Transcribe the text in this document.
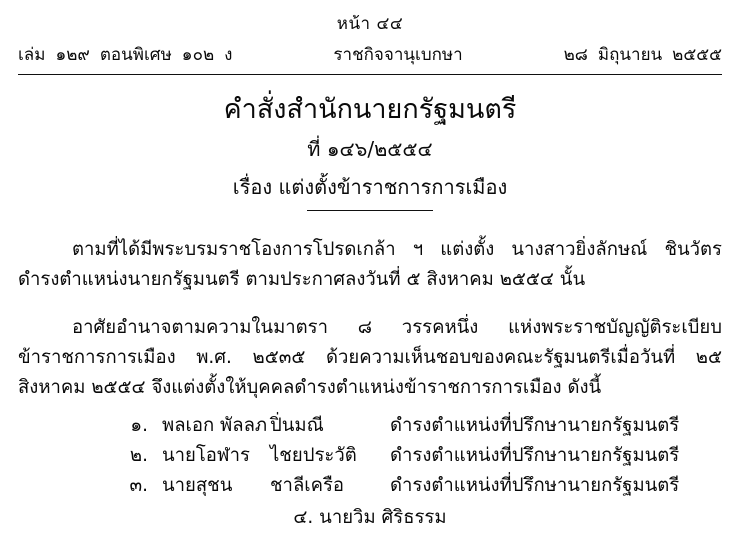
หน้า ๔๔
เล่ม ๑๒๙ ตอนพิเศษ ๑๐๒ ง	ราชกิจจานุเบกษา	๒๘ มิถุนายน ๒๕๕๕
คำสั่งสำนักนายกรัฐมนตรี
ที่ ๑๔๖/๒๕๕๔
เรื่อง แต่งตั้งข้าราชการการเมือง

ตามที่ได้มีพระบรมราชโองการโปรดเกล้า ฯ แต่งตั้ง นางสาวยิ่งลักษณ์ ชินวัตร ดำรงตำแหน่งนายกรัฐมนตรี ตามประกาศลงวันที่ ๕ สิงหาคม ๒๕๕๔ นั้น

อาศัยอำนาจตามความในมาตรา ๘ วรรคหนึ่ง แห่งพระราชบัญญัติระเบียบข้าราชการการเมือง พ.ศ. ๒๕๓๕ ด้วยความเห็นชอบของคณะรัฐมนตรีเมื่อวันที่ ๒๕ สิงหาคม ๒๕๕๔ จึงแต่งตั้งให้บุคคลดำรงตำแหน่งข้าราชการการเมือง ดังนี้

๑. พลเอก พัลลภ ปิ่นมณี	ดำรงตำแหน่งที่ปรึกษานายกรัฐมนตรี
๒. นายโอฬาร	ไชยประวัติ	ดำรงตำแหน่งที่ปรึกษานายกรัฐมนตรี
๓. นายสุชน	ชาลีเครือ	ดำรงตำแหน่งที่ปรึกษานายกรัฐมนตรี
๔. นายวิม ศิริธรรม
